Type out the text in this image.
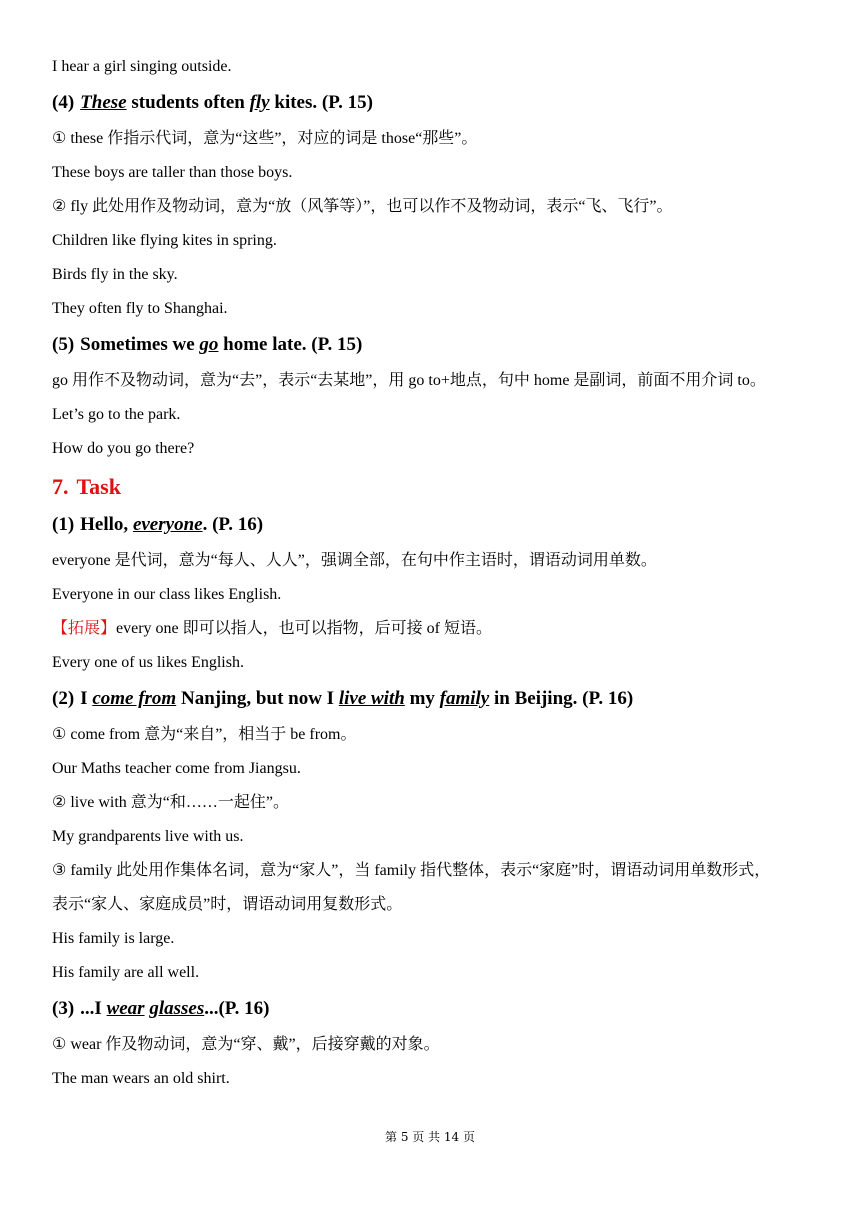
I hear a girl singing outside.

(4) These students often fly kites. (P. 15)

① these 作指示代词，意为“这些”，对应的词是 those“那些”。

These boys are taller than those boys.

② fly 此处用作及物动词，意为“放（风筝等）”，也可以作不及物动词，表示“飞、飞行”。

Children like flying kites in spring.

Birds fly in the sky.

They often fly to Shanghai.

(5) Sometimes we go home late. (P. 15)

go 用作不及物动词，意为“去”，表示“去某地”，用 go to+地点，句中 home 是副词，前面不用介词 to。

Let’s go to the park.

How do you go there?

7. Task

(1) Hello, everyone. (P. 16)

everyone 是代词，意为“每人、人人”，强调全部，在句中作主语时，谓语动词用单数。

Everyone in our class likes English.

【拓展】every one 即可以指人，也可以指物，后可接 of 短语。

Every one of us likes English.

(2) I come from Nanjing, but now I live with my family in Beijing. (P. 16)

① come from 意为“来自”，相当于 be from。

Our Maths teacher come from Jiangsu.

② live with 意为“和……一起住”。

My grandparents live with us.

③ family 此处用作集体名词，意为“家人”，当 family 指代整体，表示“家庭”时，谓语动词用单数形式，

表示“家人、家庭成员”时，谓语动词用复数形式。

His family is large.

His family are all well.

(3) ...I wear glasses...(P. 16)

① wear 作及物动词，意为“穿、戴”，后接穿戴的对象。

The man wears an old shirt.

第 5 页 共 14 页
